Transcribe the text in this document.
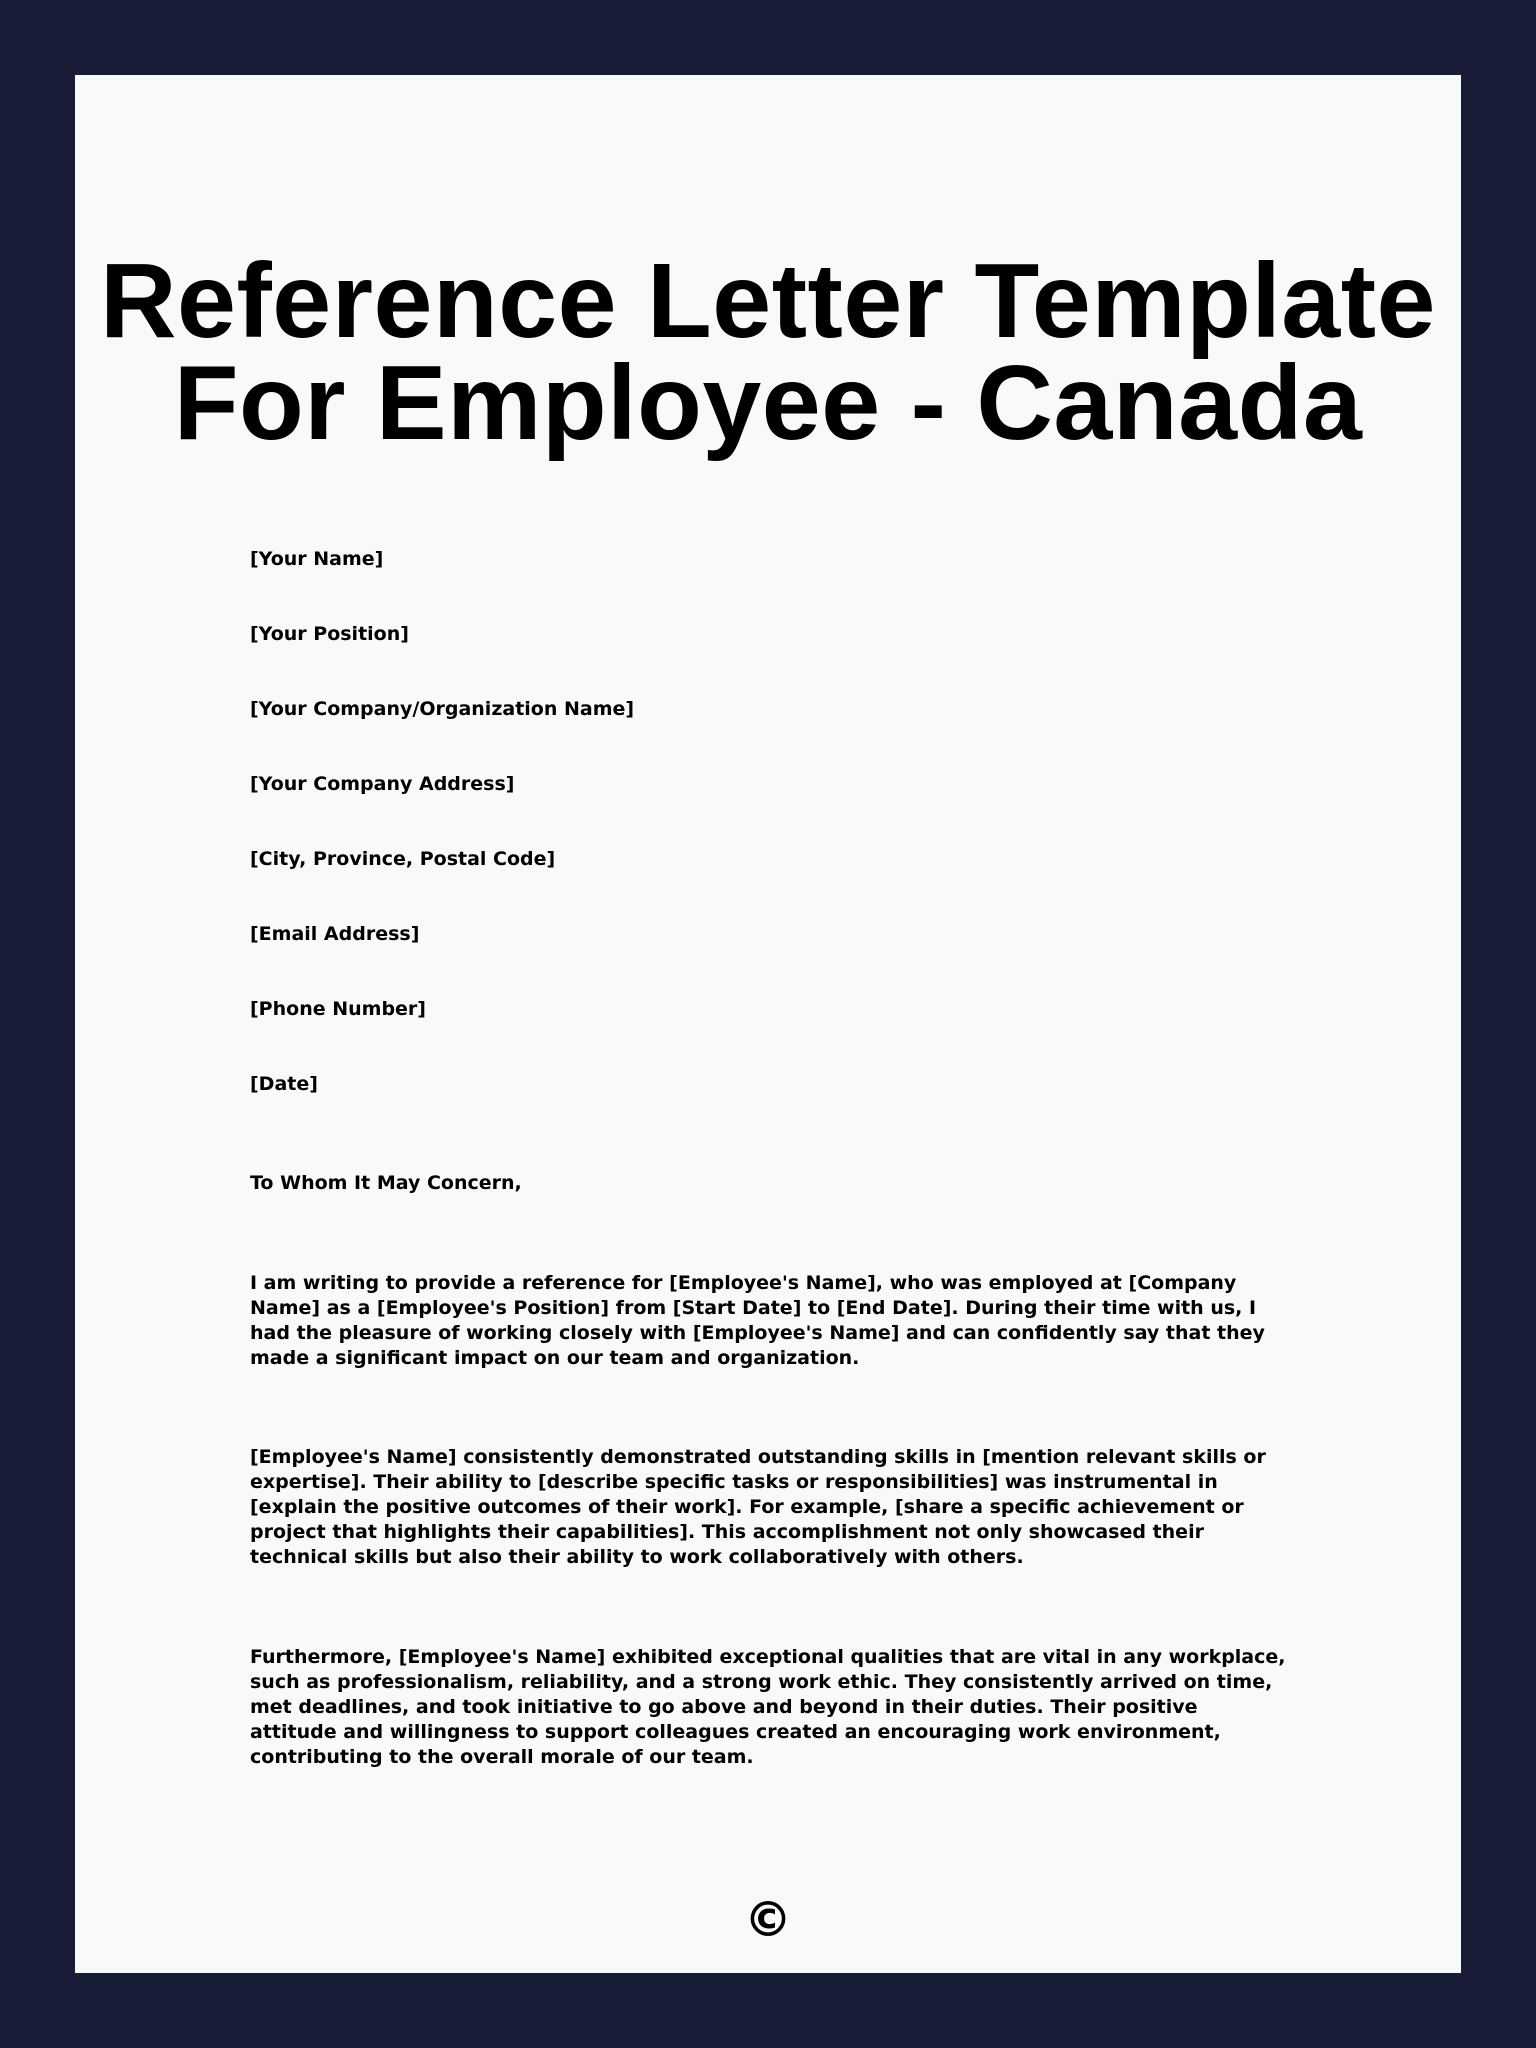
Reference Letter Template
For Employee - Canada

[Your Name]

[Your Position]

[Your Company/Organization Name]

[Your Company Address]

[City, Province, Postal Code]

[Email Address]

[Phone Number]

[Date]

To Whom It May Concern,

I am writing to provide a reference for [Employee's Name], who was employed at [Company Name] as a [Employee's Position] from [Start Date] to [End Date]. During their time with us, I had the pleasure of working closely with [Employee's Name] and can confidently say that they made a significant impact on our team and organization.

[Employee's Name] consistently demonstrated outstanding skills in [mention relevant skills or expertise]. Their ability to [describe specific tasks or responsibilities] was instrumental in [explain the positive outcomes of their work]. For example, [share a specific achievement or project that highlights their capabilities]. This accomplishment not only showcased their technical skills but also their ability to work collaboratively with others.

Furthermore, [Employee's Name] exhibited exceptional qualities that are vital in any workplace, such as professionalism, reliability, and a strong work ethic. They consistently arrived on time, met deadlines, and took initiative to go above and beyond in their duties. Their positive attitude and willingness to support colleagues created an encouraging work environment, contributing to the overall morale of our team.

©
